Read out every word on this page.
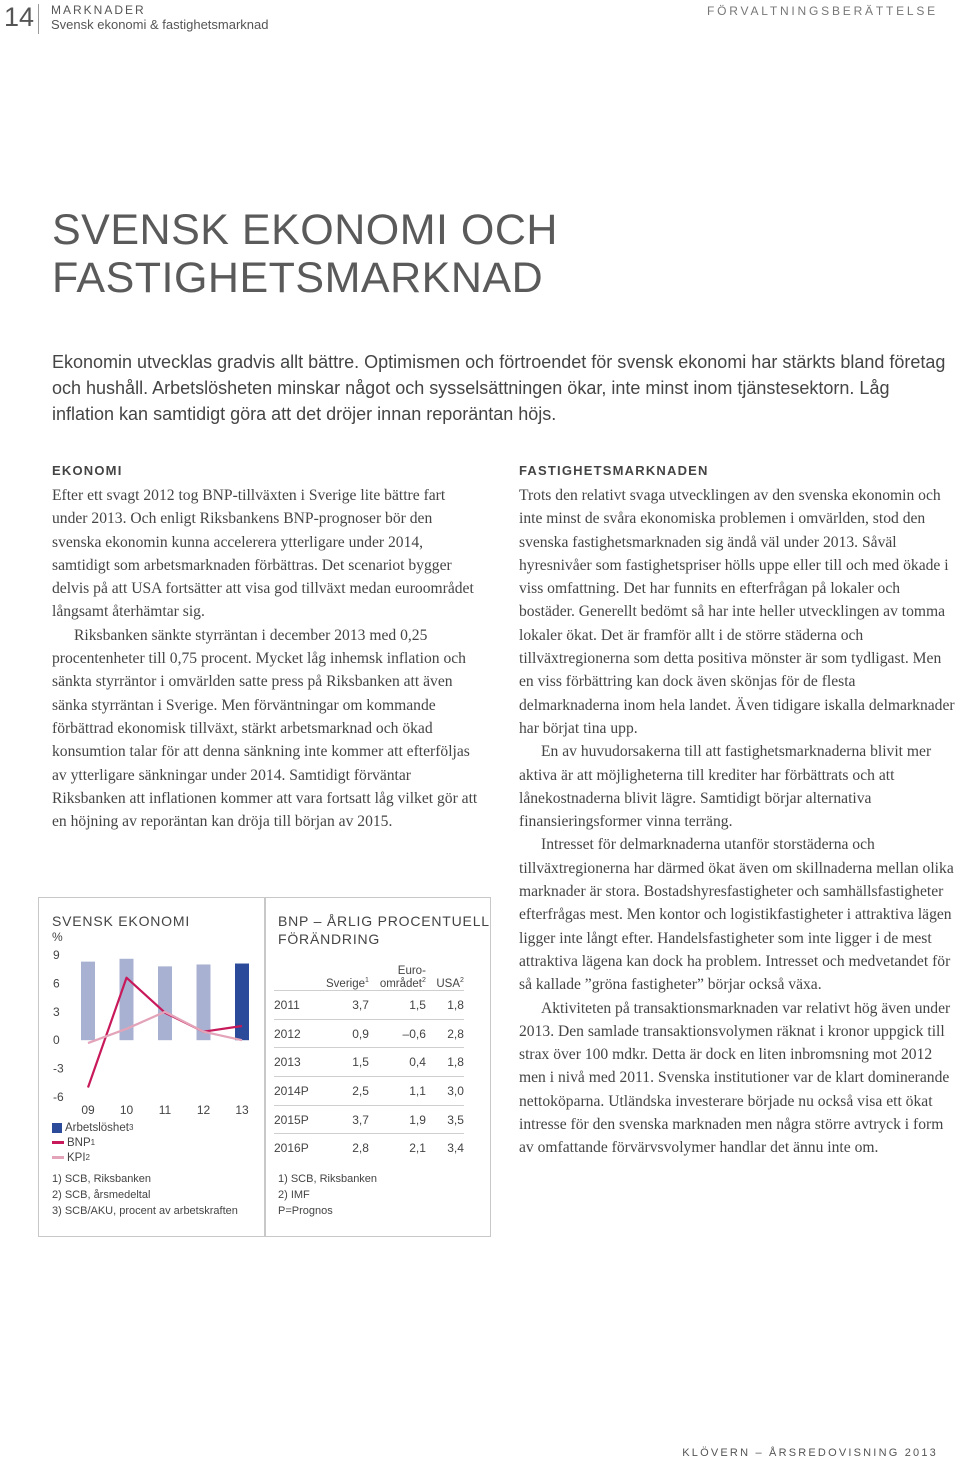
14	MARKNADER
Svensk ekonomi & fastighetsmarknad
FÖRVALTNINGSBERÄTTELSE
SVENSK EKONOMI OCH
FASTIGHETSMARKNAD
Ekonomin utvecklas gradvis allt bättre. Optimismen och förtroendet för svensk ekonomi har stärkts bland företag och hushåll. Arbetslösheten minskar något och sysselsättningen ökar, inte minst inom tjänstesektorn. Låg inflation kan samtidigt göra att det dröjer innan reporäntan höjs.
EKONOMI

Efter ett svagt 2012 tog BNP-tillväxten i Sverige lite bättre fart under 2013. Och enligt Riksbankens BNP-prognoser bör den svenska ekonomin kunna accelerera ytterligare under 2014, samtidigt som arbetsmarknaden förbättras. Det scenariot bygger delvis på att USA fortsätter att visa god tillväxt medan euroområdet långsamt återhämtar sig.

Riksbanken sänkte styrräntan i december 2013 med 0,25 procentenheter till 0,75 procent. Mycket låg inhemsk inflation och sänkta styrräntor i omvärlden satte press på Riksbanken att även sänka styrräntan i Sverige. Men förväntningar om kommande förbättrad ekonomisk tillväxt, stärkt arbetsmarknad och ökad konsumtion talar för att denna sänkning inte kommer att efterföljas av ytterligare sänkningar under 2014. Samtidigt förväntar Riksbanken att inflationen kommer att vara fortsatt låg vilket gör att en höjning av reporäntan kan dröja till början av 2015.

FASTIGHETSMARKNADEN

Trots den relativt svaga utvecklingen av den svenska ekonomin och inte minst de svåra ekonomiska problemen i omvärlden, stod den svenska fastighetsmarknaden sig ändå väl under 2013. Såväl hyresnivåer som fastighetspriser hölls uppe eller till och med ökade i viss omfattning. Det har funnits en efterfrågan på lokaler och bostäder. Generellt bedömt så har inte heller utvecklingen av tomma lokaler ökat. Det är framför allt i de större städerna och tillväxtregionerna som detta positiva mönster är som tydligast. Men en viss förbättring kan dock även skönjas för de flesta delmarknaderna inom hela landet. Även tidigare iskalla delmarknader har börjat tina upp.

En av huvudorsakerna till att fastighetsmarknaderna blivit mer aktiva är att möjligheterna till krediter har förbättrats och att lånekostnaderna blivit lägre. Samtidigt börjar alternativa finansieringsformer vinna terräng.

Intresset för delmarknaderna utanför storstäderna och tillväxtregionerna har därmed ökat även om skillnaderna mellan olika marknader är stora. Bostadshyresfastigheter och samhällsfastigheter efterfrågas mest. Men kontor och logistikfastigheter i attraktiva lägen ligger inte långt efter. Handelsfastigheter som inte ligger i de mest attraktiva lägena kan dock ha problem. Intresset och medvetandet för så kallade ”gröna fastigheter” börjar också växa.

Aktiviteten på transaktionsmarknaden var relativt hög även under 2013. Den samlade transaktionsvolymen räknat i kronor uppgick till strax över 100 mdkr. Detta är dock en liten inbromsning mot 2012 men i nivå med 2011. Svenska institutioner var de klart dominerande nettoköparna. Utländska investerare började nu också visa ett ökat intresse för den svenska marknaden men några större avtryck i form av omfattande förvärvsvolymer handlar det ännu inte om.

SVENSK EKONOMI
%
9
6
3
0
-3
-6
09 10 11 12 13
Arbetslöshet 3
BNP 1
KPI 2
1) SCB, Riksbanken
2) SCB, årsmedeltal
3) SCB/AKU, procent av arbetskraften
BNP – ÅRLIG PROCENTUELL
FÖRÄNDRING
	Sverige$^1$	Euro-
området$^2$	USA$^2$
2011	3,7	1,5	1,8
2012	0,9	–0,6	2,8
2013	1,5	0,4	1,8
2014P	2,5	1,1	3,0
2015P	3,7	1,9	3,5
2016P	2,8	2,1	3,4
1) SCB, Riksbanken
2) IMF
P=Prognos
KLÖVERN – ÅRSREDOVISNING 2013
